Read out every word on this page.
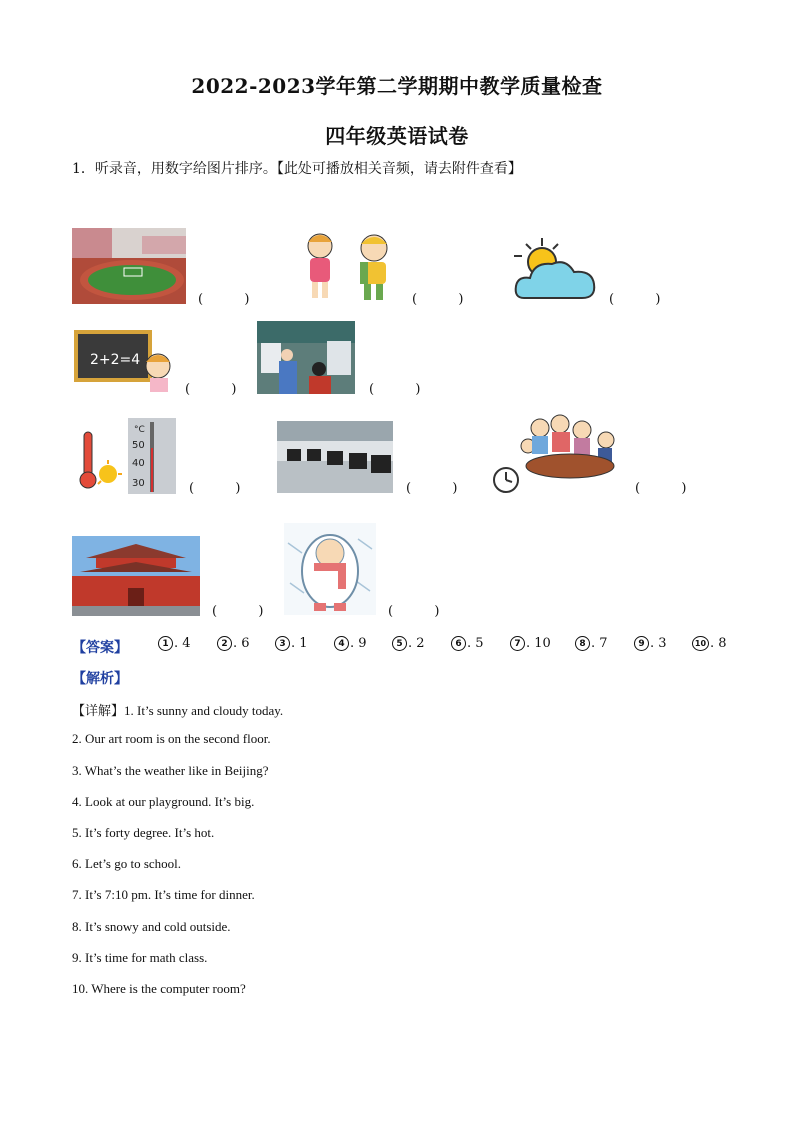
2022-2023学年第二学期期中教学质量检查
四年级英语试卷
1．听录音，用数字给图片排序。【此处可播放相关音频，请去附件查看】
(          )	(          )	(          )
2+2=4
(          )	(          )
°C
50
40
30	(          )	(          )	(          )
(          )	(          )
【答案】	1 . 4	2 . 6	3 . 1	4 . 9	5 . 2	6 . 5	7 . 10	8 . 7	9 . 3	10 . 8
【解析】
【详解】1. It’s sunny and cloudy today.
2. Our art room is on the second floor.
3. What’s the weather like in Beijing?
4. Look at our playground. It’s big.
5. It’s forty degree. It’s hot.
6. Let’s go to school.
7. It’s 7:10 pm. It’s time for dinner.
8. It’s snowy and cold outside.
9. It’s time for math class.
10. Where is the computer room?
